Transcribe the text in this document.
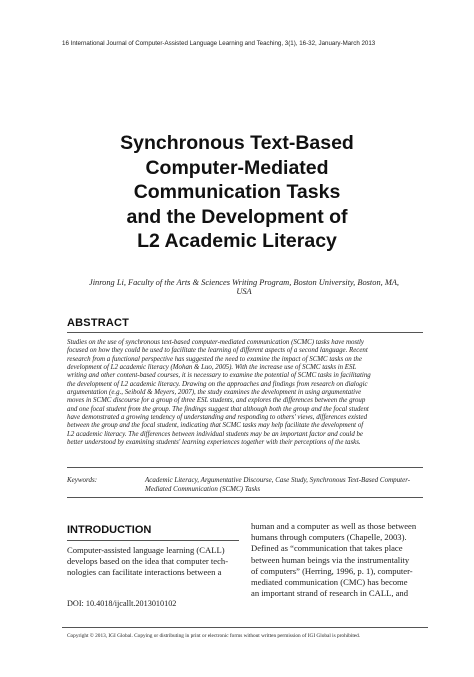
16 International Journal of Computer-Assisted Language Learning and Teaching, 3(1), 16-32, January-March 2013
Synchronous Text-Based
Computer-Mediated
Communication Tasks
and the Development of
L2 Academic Literacy
Jinrong Li, Faculty of the Arts & Sciences Writing Program, Boston University, Boston, MA,
USA
ABSTRACT
Studies on the use of synchronous text-based computer-mediated communication (SCMC) tasks have mostly
focused on how they could be used to facilitate the learning of different aspects of a second language. Recent
research from a functional perspective has suggested the need to examine the impact of SCMC tasks on the
development of L2 academic literacy (Mohan & Luo, 2005). With the increase use of SCMC tasks in ESL
writing and other content-based courses, it is necessary to examine the potential of SCMC tasks in facilitating
the development of L2 academic literacy. Drawing on the approaches and findings from research on dialogic
argumentation (e.g., Seibold & Meyers, 2007), the study examines the development in using argumentative
moves in SCMC discourse for a group of three ESL students, and explores the differences between the group
and one focal student from the group. The findings suggest that although both the group and the focal student
have demonstrated a growing tendency of understanding and responding to others' views, differences existed
between the group and the focal student, indicating that SCMC tasks may help facilitate the development of
L2 academic literacy. The differences between individual students may be an important factor and could be
better understood by examining students' learning experiences together with their perceptions of the tasks.
Keywords:	Academic Literacy, Argumentative Discourse, Case Study, Synchronous Text-Based Computer-
Mediated Communication (SCMC) Tasks
INTRODUCTION
Computer-assisted language learning (CALL)
develops based on the idea that computer tech-
nologies can facilitate interactions between a
DOI: 10.4018/ijcallt.2013010102
human and a computer as well as those between
humans through computers (Chapelle, 2003).
Defined as “communication that takes place
between human beings via the instrumentality
of computers” (Herring, 1996, p. 1), computer-
mediated communication (CMC) has become
an important strand of research in CALL, and
Copyright © 2013, IGI Global. Copying or distributing in print or electronic forms without written permission of IGI Global is prohibited.
